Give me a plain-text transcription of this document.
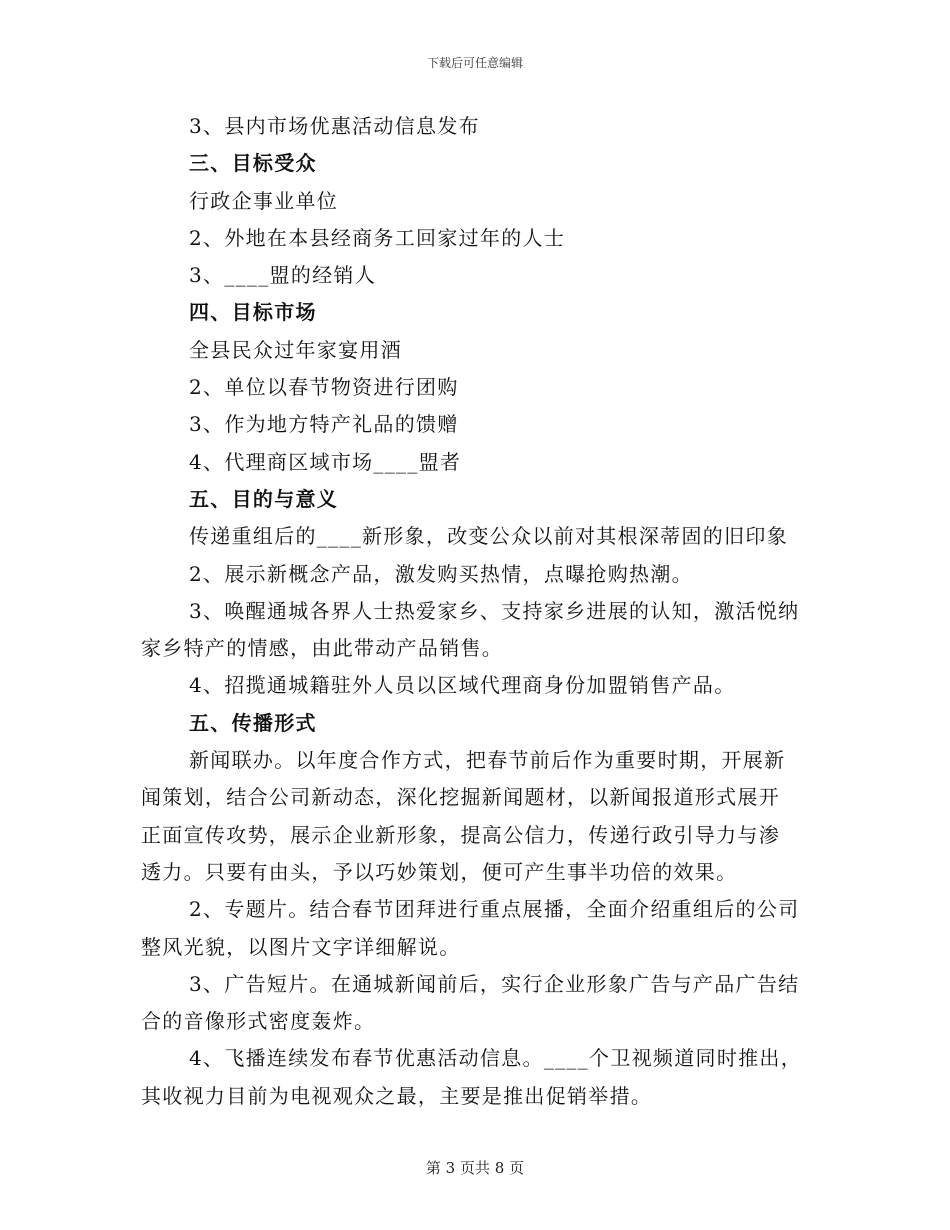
下载后可任意编辑
3、县内市场优惠活动信息发布
三、目标受众
行政企事业单位
2、外地在本县经商务工回家过年的人士
3、____盟的经销人
四、目标市场
全县民众过年家宴用酒
2、单位以春节物资进行团购
3、作为地方特产礼品的馈赠
4、代理商区域市场____盟者
五、目的与意义
传递重组后的____新形象，改变公众以前对其根深蒂固的旧印象
2、展示新概念产品，激发购买热情，点曝抢购热潮。
3、唤醒通城各界人士热爱家乡、支持家乡进展的认知，激活悦纳
家乡特产的情感，由此带动产品销售。
4、招揽通城籍驻外人员以区域代理商身份加盟销售产品。
五、传播形式
新闻联办。以年度合作方式，把春节前后作为重要时期，开展新
闻策划，结合公司新动态，深化挖掘新闻题材，以新闻报道形式展开
正面宣传攻势，展示企业新形象，提高公信力，传递行政引导力与渗
透力。只要有由头，予以巧妙策划，便可产生事半功倍的效果。
2、专题片。结合春节团拜进行重点展播，全面介绍重组后的公司
整风光貌，以图片文字详细解说。
3、广告短片。在通城新闻前后，实行企业形象广告与产品广告结
合的音像形式密度轰炸。
4、飞播连续发布春节优惠活动信息。____个卫视频道同时推出，
其收视力目前为电视观众之最，主要是推出促销举措。
第 3 页共 8 页
